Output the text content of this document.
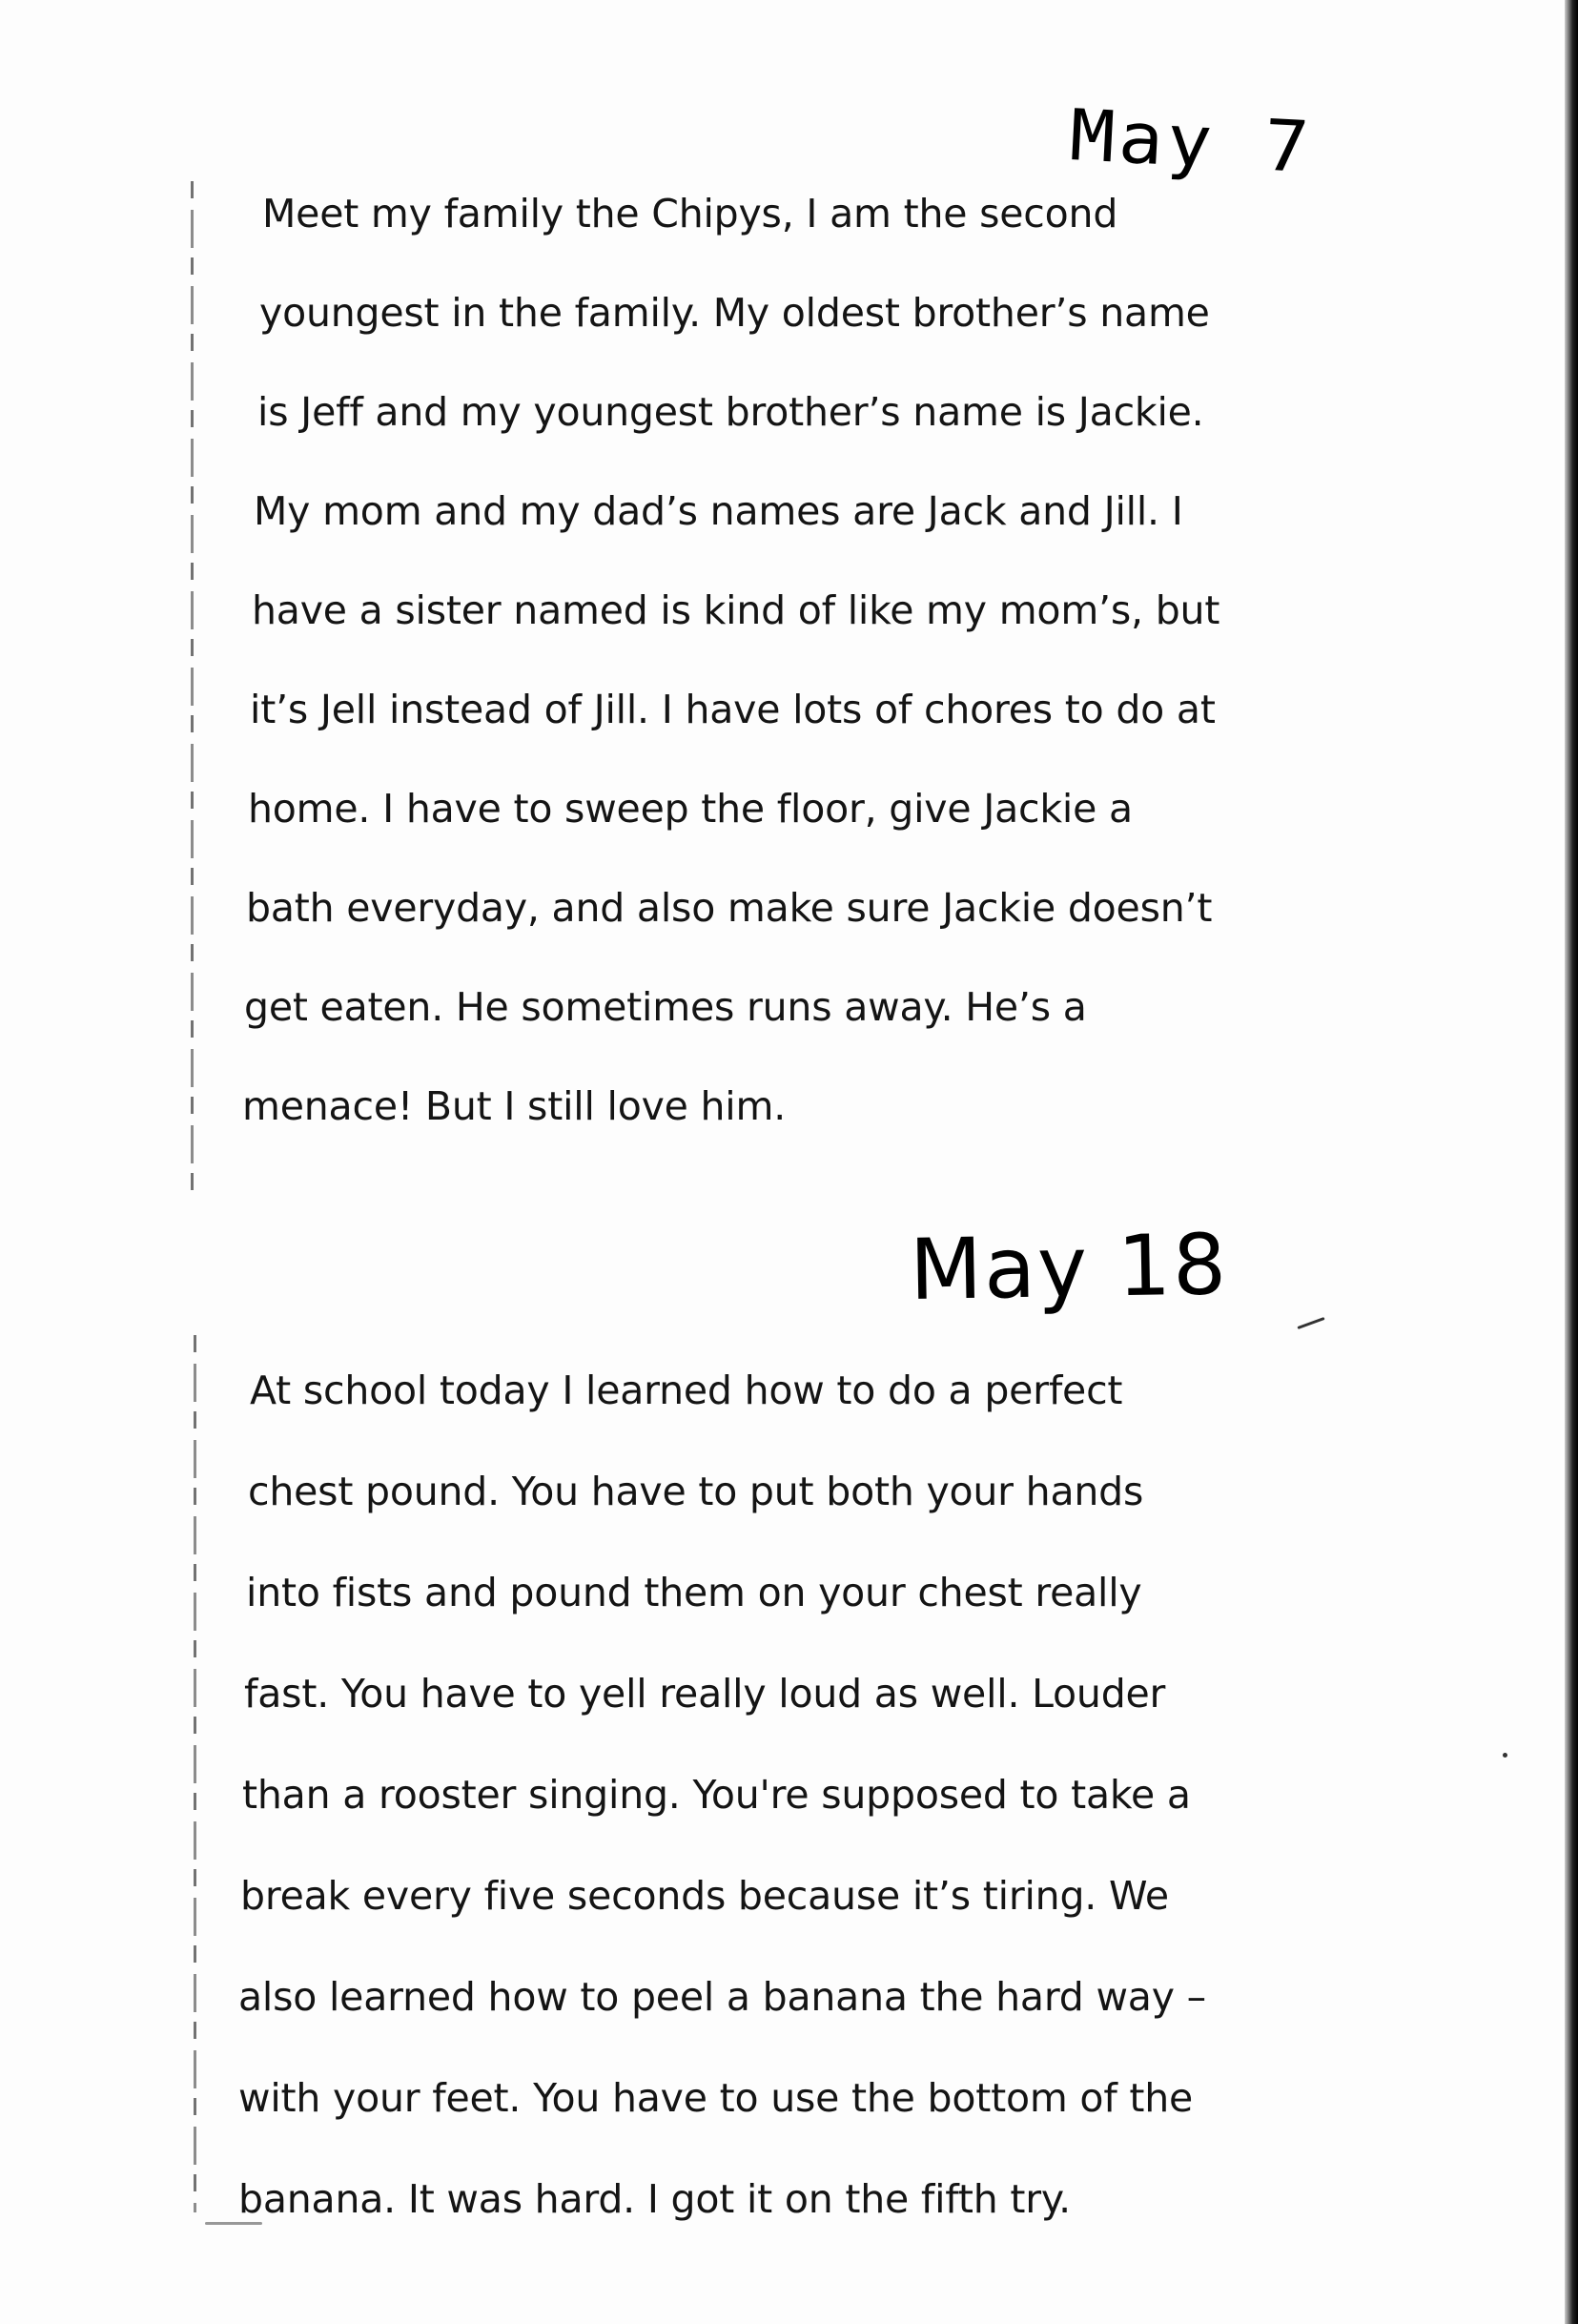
May 7
Meet my family the Chipys, I am the second
youngest in the family. My oldest brother’s name
is Jeff and my youngest brother’s name is Jackie.
My mom and my dad’s names are Jack and Jill. I
have a sister named is kind of like my mom’s, but
it’s Jell instead of Jill. I have lots of chores to do at
home. I have to sweep the floor, give Jackie a
bath everyday, and also make sure Jackie doesn’t
get eaten. He sometimes runs away. He’s a
menace! But I still love him.
May 18
At school today I learned how to do a perfect
chest pound. You have to put both your hands
into fists and pound them on your chest really
fast. You have to yell really loud as well. Louder
than a rooster singing. You're supposed to take a
break every five seconds because it’s tiring. We
also learned how to peel a banana the hard way –
with your feet. You have to use the bottom of the
banana. It was hard. I got it on the fifth try.
